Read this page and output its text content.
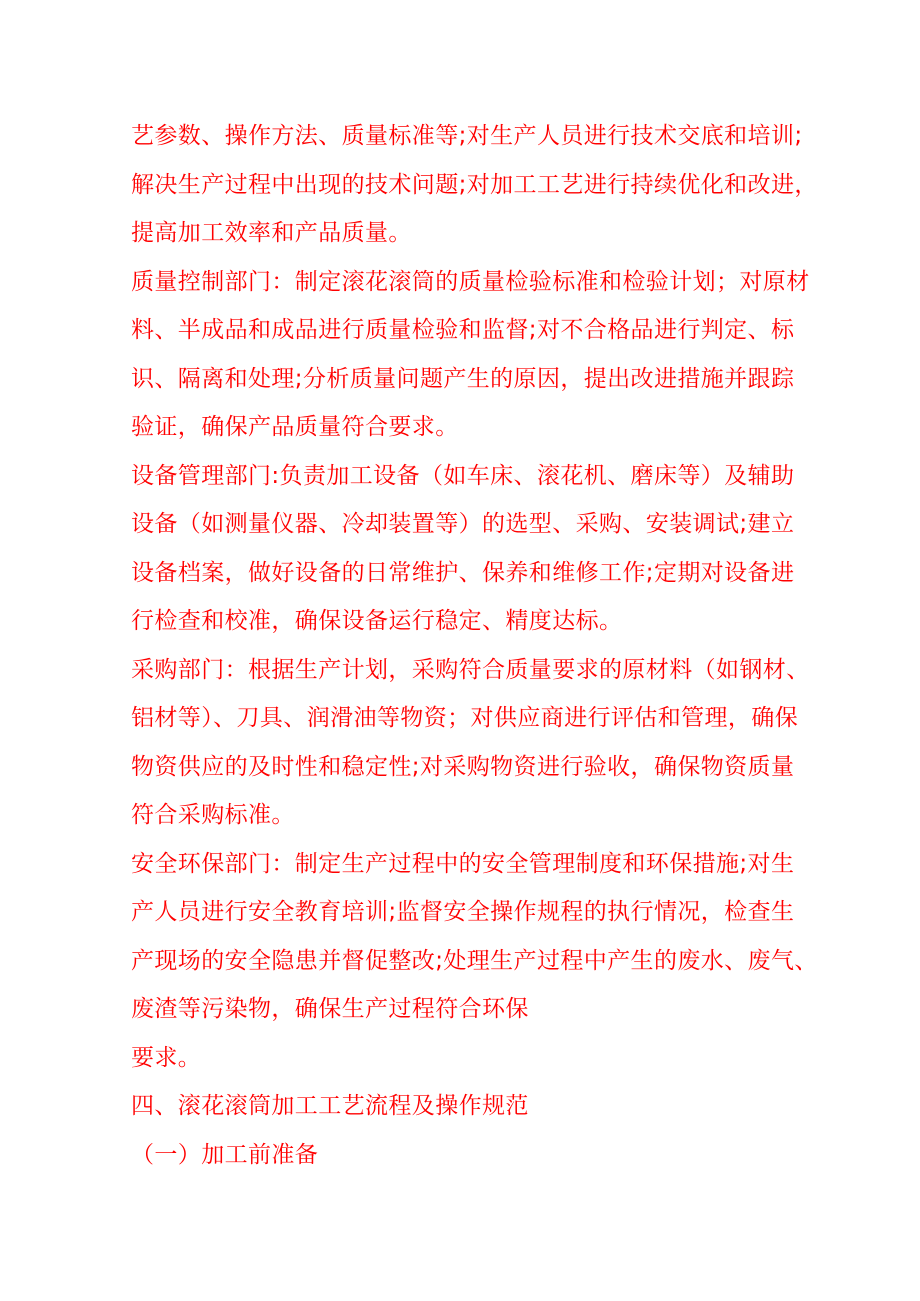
艺参数、操作方法、质量标准等;对生产人员进行技术交底和培训;
解决生产过程中出现的技术问题;对加工工艺进行持续优化和改进，
提高加工效率和产品质量。
质量控制部门：制定滚花滚筒的质量检验标准和检验计划；对原材
料、半成品和成品进行质量检验和监督;对不合格品进行判定、标
识、隔离和处理;分析质量问题产生的原因，提出改进措施并跟踪
验证，确保产品质量符合要求。
设备管理部门:负责加工设备（如车床、滚花机、磨床等）及辅助
设备（如测量仪器、冷却装置等）的选型、采购、安装调试;建立
设备档案，做好设备的日常维护、保养和维修工作;定期对设备进
行检查和校准，确保设备运行稳定、精度达标。
采购部门：根据生产计划，采购符合质量要求的原材料（如钢材、
铝材等）、刀具、润滑油等物资；对供应商进行评估和管理，确保
物资供应的及时性和稳定性;对采购物资进行验收，确保物资质量
符合采购标准。
安全环保部门：制定生产过程中的安全管理制度和环保措施;对生
产人员进行安全教育培训;监督安全操作规程的执行情况，检查生
产现场的安全隐患并督促整改;处理生产过程中产生的废水、废气、
废渣等污染物，确保生产过程符合环保
要求。
四、滚花滚筒加工工艺流程及操作规范
（一）加工前准备
